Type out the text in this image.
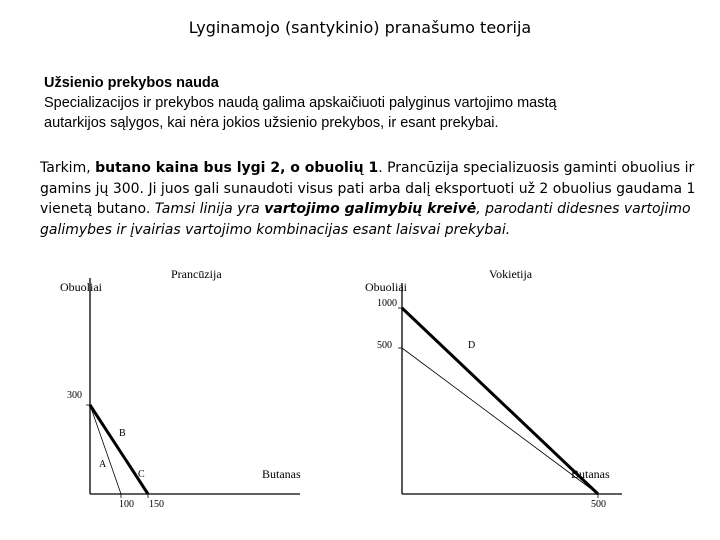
Lyginamojo (santykinio) pranašumo teorija
Užsienio prekybos nauda
Specializacijos ir prekybos naudą galima apskaičiuoti palyginus vartojimo mastą
autarkijos sąlygos, kai nėra jokios užsienio prekybos, ir esant prekybai.
Tarkim, butano kaina bus lygi 2, o obuolių 1. Prancūzija specializuosis gaminti obuolius ir gamins jų 300. Ji juos gali sunaudoti visus pati arba dalį eksportuoti už 2 obuolius gaudama 1 vienetą butano. Tamsi linija yra vartojimo galimybių kreivė, parodanti didesnes vartojimo galimybes ir įvairias vartojimo kombinacijas esant laisvai prekybai.
Prancūzija
Obuoliai
300
A
B
C	Butanas
100 150
Vokietija
Obuoliai
1000
500	D
Butanas
500
